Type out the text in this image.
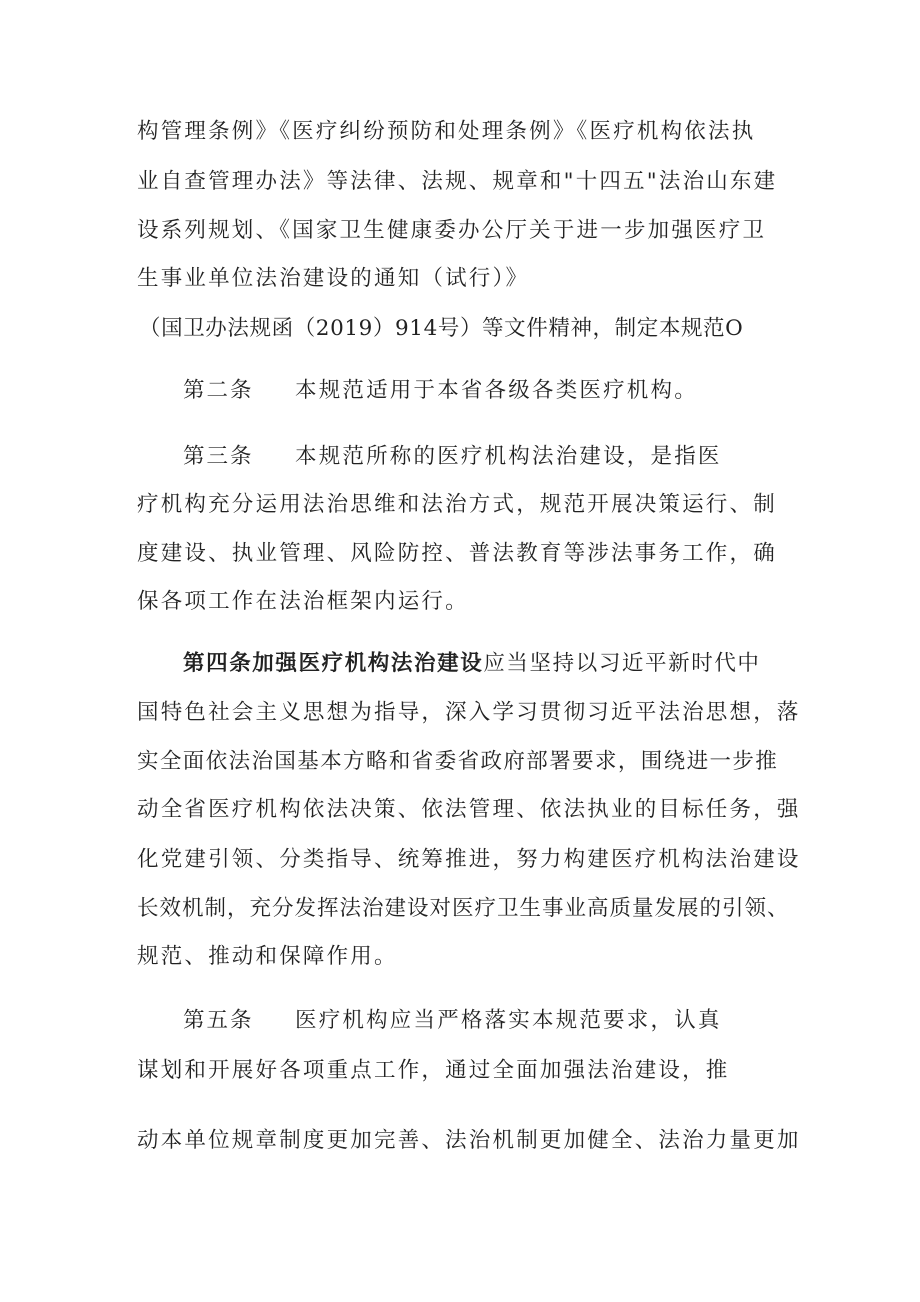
构管理条例》《医疗纠纷预防和处理条例》《医疗机构依法执
业自查管理办法》等法律、法规、规章和"十四五"法治山东建
设系列规划、《国家卫生健康委办公厅关于进一步加强医疗卫
生事业单位法治建设的通知（试行）》
（国卫办法规函（2019）914号）等文件精神，制定本规范O
第二条 本规范适用于本省各级各类医疗机构。
第三条 本规范所称的医疗机构法治建设，是指医
疗机构充分运用法治思维和法治方式，规范开展决策运行、制
度建设、执业管理、风险防控、普法教育等涉法事务工作，确
保各项工作在法治框架内运行。
第四条加强医疗机构法治建设应当坚持以习近平新时代中
国特色社会主义思想为指导，深入学习贯彻习近平法治思想，落
实全面依法治国基本方略和省委省政府部署要求，围绕进一步推
动全省医疗机构依法决策、依法管理、依法执业的目标任务，强
化党建引领、分类指导、统筹推进，努力构建医疗机构法治建设
长效机制，充分发挥法治建设对医疗卫生事业高质量发展的引领、
规范、推动和保障作用。
第五条 医疗机构应当严格落实本规范要求，认真
谋划和开展好各项重点工作，通过全面加强法治建设，推
动本单位规章制度更加完善、法治机制更加健全、法治力量更加
